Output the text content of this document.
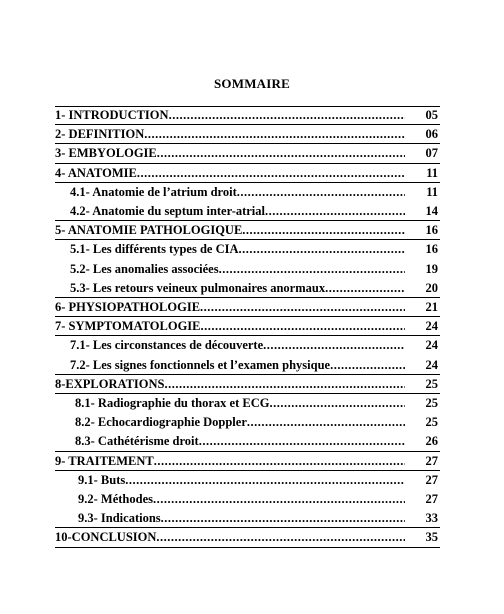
SOMMAIRE
1- INTRODUCTION .....	05
2- DEFINITION .....	06
3- EMBYOLOGIE .....	07
4- ANATOMIE .....	11
4.1- Anatomie de l’atrium droit .....	11
4.2- Anatomie du septum inter-atrial .....	14
5- ANATOMIE PATHOLOGIQUE .....	16
5.1- Les différents types de CIA .....	16
5.2- Les anomalies associées .....	19
5.3- Les retours veineux pulmonaires anormaux .....	20
6- PHYSIOPATHOLOGIE .....	21
7- SYMPTOMATOLOGIE .....	24
7.1- Les circonstances de découverte .....	24
7.2- Les signes fonctionnels et l’examen physique .....	24
8-EXPLORATIONS .....	25
8.1- Radiographie du thorax et ECG .....	25
8.2- Echocardiographie Doppler .....	25
8.3- Cathétérisme droit .....	26
9- TRAITEMENT .....	27
9.1- Buts .....	27
9.2- Méthodes .....	27
9.3- Indications .....	33
10-CONCLUSION .....	35
